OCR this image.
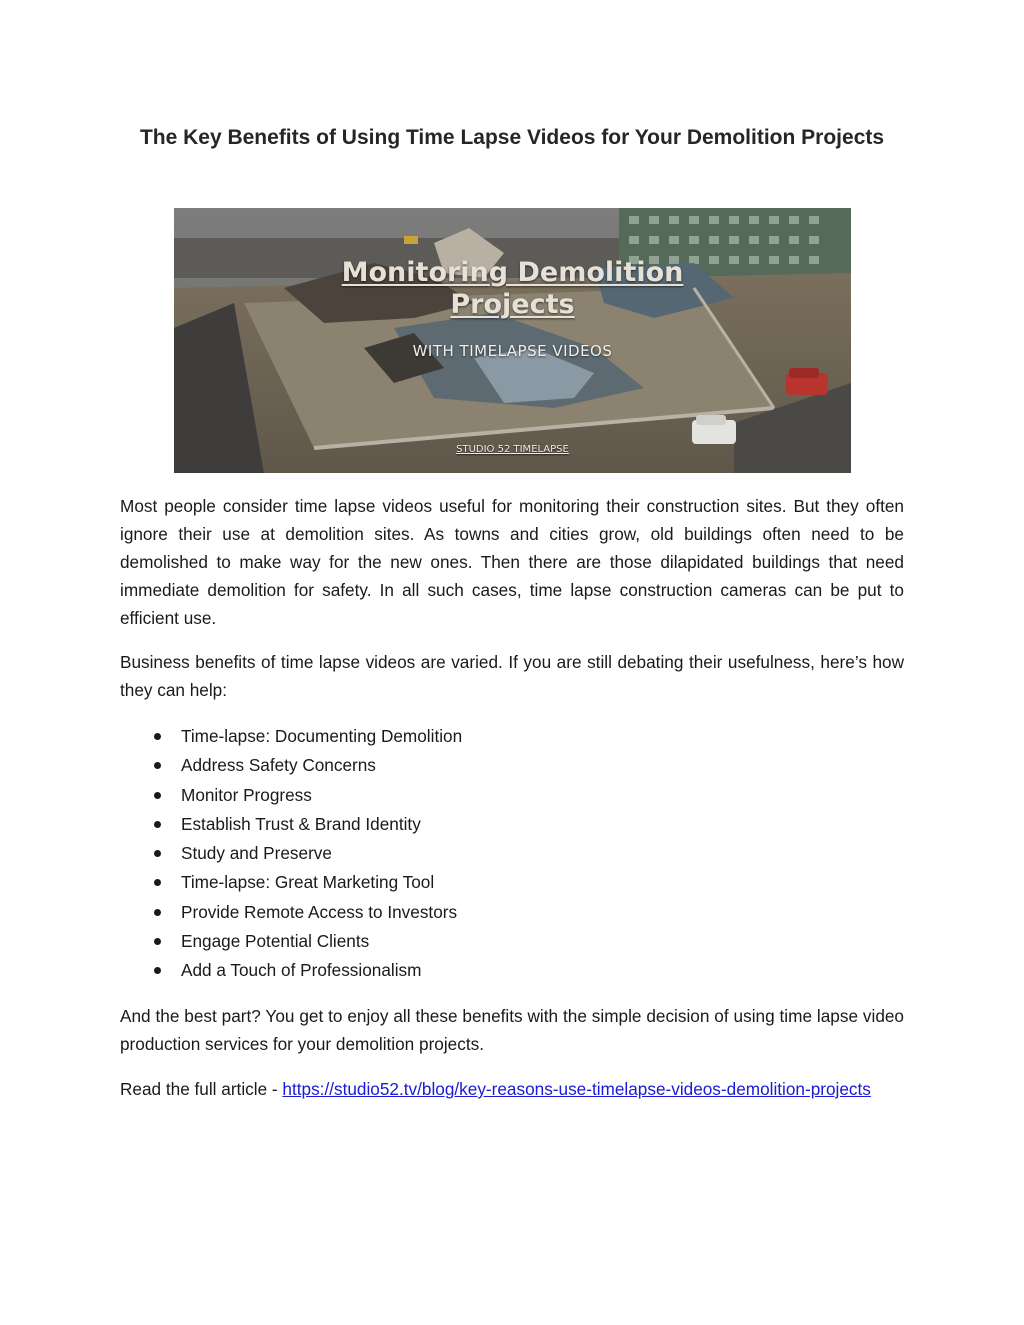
The Key Benefits of Using Time Lapse Videos for Your Demolition Projects
Monitoring Demolition
Projects
WITH TIMELAPSE VIDEOS
STUDIO 52 TIMELAPSE

Most people consider time lapse videos useful for monitoring their construction sites. But they often ignore their use at demolition sites. As towns and cities grow, old buildings often need to be demolished to make way for the new ones. Then there are those dilapidated buildings that need immediate demolition for safety. In all such cases, time lapse construction cameras can be put to efficient use.

Business benefits of time lapse videos are varied. If you are still debating their usefulness, here’s how they can help:

Time-lapse: Documenting Demolition
Address Safety Concerns
Monitor Progress
Establish Trust & Brand Identity
Study and Preserve
Time-lapse: Great Marketing Tool
Provide Remote Access to Investors
Engage Potential Clients
Add a Touch of Professionalism

And the best part? You get to enjoy all these benefits with the simple decision of using time lapse video production services for your demolition projects.

Read the full article - https://studio52.tv/blog/key-reasons-use-timelapse-videos-demolition-projects
